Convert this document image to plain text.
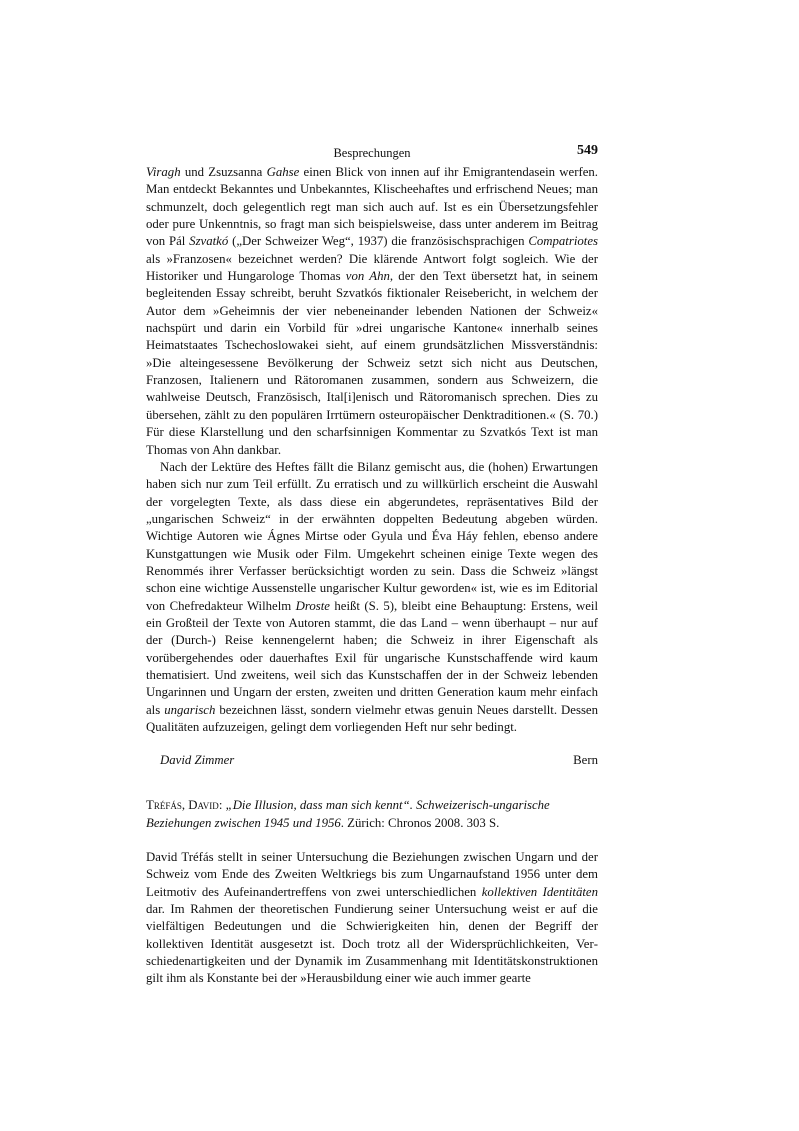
Besprechungen	549

Viragh und Zsuzsanna Gahse einen Blick von innen auf ihr Emigrantendasein werfen. Man entdeckt Bekanntes und Unbekanntes, Klischeehaftes und erfrischend Neues; man schmunzelt, doch gelegentlich regt man sich auch auf. Ist es ein Übersetzungsfehler oder pure Unkenntnis, so fragt man sich beispielsweise, dass unter anderem im Beitrag von Pál Szvatkó („Der Schweizer Weg“, 1937) die französischsprachigen Compatriotes als »Franzosen« bezeichnet werden? Die klärende Antwort folgt sogleich. Wie der Historiker und Hungarologe Thomas von Ahn, der den Text übersetzt hat, in seinem begleitenden Essay schreibt, beruht Szvatkós fiktionaler Reisebericht, in welchem der Autor dem »Geheimnis der vier nebeneinander lebenden Nationen der Schweiz« nachspürt und darin ein Vorbild für »drei ungarische Kantone« innerhalb seines Heimatstaates Tschechoslowakei sieht, auf einem grundsätzlichen Missverständnis: »Die alteingesessene Bevölkerung der Schweiz setzt sich nicht aus Deutschen, Franzosen, Italienern und Rätoromanen zusammen, sondern aus Schweizern, die wahlweise Deutsch, Französisch, Ital[i]enisch und Rätoromanisch sprechen. Dies zu übersehen, zählt zu den populären Irrtümern osteuropäischer Denktraditionen.« (S. 70.) Für diese Klarstellung und den scharfsinnigen Kommentar zu Szvatkós Text ist man Thomas von Ahn dankbar.

Nach der Lektüre des Heftes fällt die Bilanz gemischt aus, die (hohen) Erwartungen haben sich nur zum Teil erfüllt. Zu erratisch und zu willkürlich erscheint die Auswahl der vorgelegten Texte, als dass diese ein abgerundetes, repräsentatives Bild der „ungarischen Schweiz“ in der erwähnten doppelten Bedeutung abgeben würden. Wichtige Autoren wie Ágnes Mirtse oder Gyula und Éva Háy fehlen, ebenso andere Kunstgattungen wie Musik oder Film. Umgekehrt scheinen einige Texte wegen des Renommés ihrer Verfasser berücksichtigt worden zu sein. Dass die Schweiz »längst schon eine wichtige Aussenstelle ungarischer Kultur geworden« ist, wie es im Editorial von Chefredakteur Wilhelm Droste heißt (S. 5), bleibt eine Behauptung: Erstens, weil ein Großteil der Texte von Autoren stammt, die das Land – wenn überhaupt – nur auf der (Durch-) Reise kennengelernt haben; die Schweiz in ihrer Eigenschaft als vorübergehendes oder dauerhaftes Exil für ungarische Kunstschaffende wird kaum thematisiert. Und zweitens, weil sich das Kunstschaffen der in der Schweiz lebenden Ungarinnen und Ungarn der ersten, zweiten und dritten Generation kaum mehr einfach als ungarisch bezeichnen lässt, sondern vielmehr etwas genuin Neues darstellt. Dessen Qualitäten aufzuzeigen, gelingt dem vorliegenden Heft nur sehr bedingt.

David Zimmer	Bern
Tréfás, David: „Die Illusion, dass man sich kennt“. Schweizerisch-ungarische Beziehungen zwischen 1945 und 1956. Zürich: Chronos 2008. 303 S.

David Tréfás stellt in seiner Untersuchung die Beziehungen zwischen Ungarn und der Schweiz vom Ende des Zweiten Weltkriegs bis zum Ungarnaufstand 1956 unter dem Leitmotiv des Aufeinandertreffens von zwei unterschiedlichen kollektiven Identitäten dar. Im Rahmen der theoretischen Fundierung seiner Untersuchung weist er auf die vielfältigen Bedeutungen und die Schwierigkeiten hin, denen der Begriff der kollektiven Identität ausgesetzt ist. Doch trotz all der Widersprüchlichkeiten, Verschiedenartigkeiten und der Dynamik im Zusammenhang mit Identitätskonstruktionen gilt ihm als Konstante bei der »Herausbildung einer wie auch immer gearte
